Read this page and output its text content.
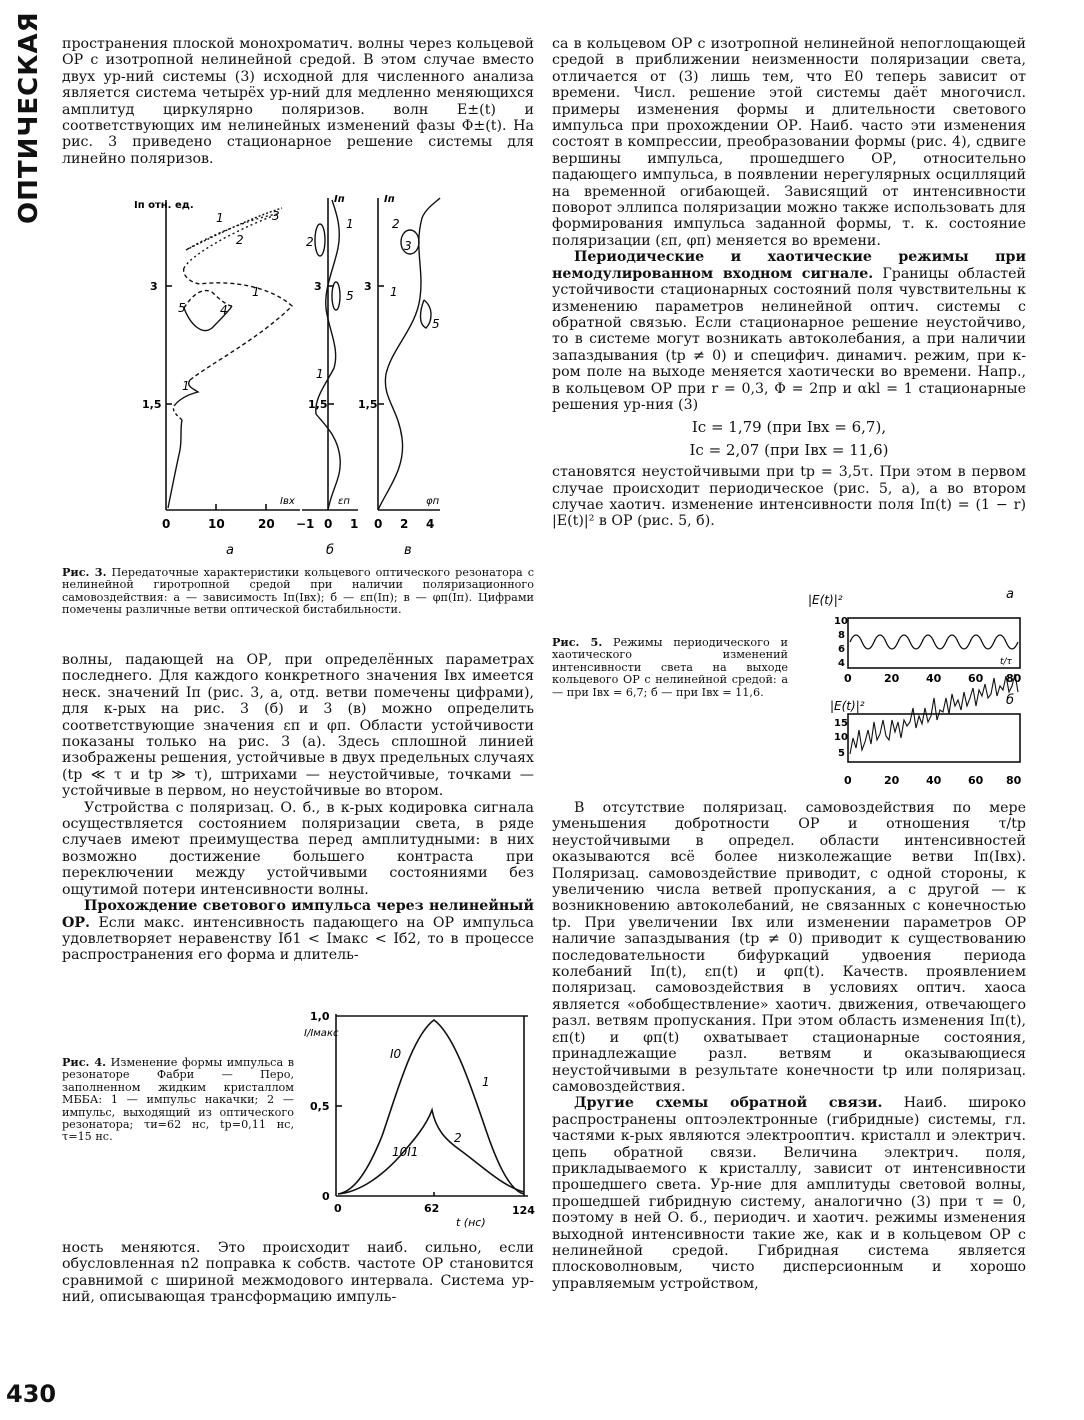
ОПТИЧЕСКАЯ
430

пространения плоской монохроматич. волны через кольцевой ОР с изотропной нелинейной средой. В этом случае вместо двух ур-ний системы (3) исходной для численного анализа является система четырёх ур-ний для медленно меняющихся амплитуд циркулярно поляризов. волн E±(t) и соответствующих им нелинейных изменений фазы Φ±(t). На рис. 3 приведено стационарное решение системы для линейно поляризов.

Iп отн. ед.
Iп	Iп
3
1,5
3
1,5
3
1,5
Iвх	εп	φп
0	10	20 −1 0 1 0 2 4
а	б	в
1
2
3
1
4
5
1
2
1
5
1
2
3
1
5
Рис. 3. Передаточные характеристики кольцевого оптического резонатора с нелинейной гиротропной средой при наличии поляризационного самовоздействия: а — зависимость Iп(Iвх); б — εп(Iп); в — φп(Iп). Цифрами помечены различные ветви оптической бистабильности.

волны, падающей на ОР, при определённых параметрах последнего. Для каждого конкретного значения Iвх имеется неск. значений Iп (рис. 3, а, отд. ветви помечены цифрами), для к-рых на рис. 3 (б) и 3 (в) можно определить соответствующие значения εп и φп. Области устойчивости показаны только на рис. 3 (а). Здесь сплошной линией изображены решения, устойчивые в двух предельных случаях (tр ≪ τ и tр ≫ τ), штрихами — неустойчивые, точками — устойчивые в первом, но неустойчивые во втором.

Устройства с поляризац. О. б., в к-рых кодировка сигнала осуществляется состоянием поляризации света, в ряде случаев имеют преимущества перед амплитудными: в них возможно достижение большего контраста при переключении между устойчивыми состояниями без ощутимой потери интенсивности волны.

Прохождение светового импульса через нелинейный ОР. Если макс. интенсивность падающего на ОР импульса удовлетворяет неравенству Iб1 < Iмакс < Iб2, то в процессе распространения его форма и длитель-

Рис. 4. Изменение формы импульса в резонаторе Фабри — Перо, заполненном жидким кристаллом МББА: 1 — импульс накачки; 2 — импульс, выходящий из оптического резонатора; τи=62 нс, tр=0,11 нс, τ=15 нс.
1,0
I/Iмакс
0,5
0
0	62	124
t (нс)
I0
1
10I1
2

ность меняются. Это происходит наиб. сильно, если обусловленная n2 поправка к собств. частоте ОР становится сравнимой с шириной межмодового интервала. Система ур-ний, описывающая трансформацию импуль-

са в кольцевом ОР с изотропной нелинейной непоглощающей средой в приближении неизменности поляризации света, отличается от (3) лишь тем, что E0 теперь зависит от времени. Числ. решение этой системы даёт многочисл. примеры изменения формы и длительности светового импульса при прохождении ОР. Наиб. часто эти изменения состоят в компрессии, преобразовании формы (рис. 4), сдвиге вершины импульса, прошедшего ОР, относительно падающего импульса, в появлении нерегулярных осцилляций на временной огибающей. Зависящий от интенсивности поворот эллипса поляризации можно также использовать для формирования импульса заданной формы, т. к. состояние поляризации (εп, φп) меняется во времени.

Периодические и хаотические режимы при немодулированном входном сигнале. Границы областей устойчивости стационарных состояний поля чувствительны к изменению параметров нелинейной оптич. системы с обратной связью. Если стационарное решение неустойчиво, то в системе могут возникать автоколебания, а при наличии запаздывания (tр ≠ 0) и специфич. динамич. режим, при к-ром поле на выходе меняется хаотически во времени. Напр., в кольцевом ОР при r = 0,3, Φ = 2πр и αkl = 1 стационарные решения ур-ния (3)

Ic = 1,79 (при Iвх = 6,7),
Ic = 2,07 (при Iвх = 11,6)

становятся неустойчивыми при tр = 3,5τ. При этом в первом случае происходит периодическое (рис. 5, а), а во втором случае хаотич. изменение интенсивности поля Iп(t) = (1 − r) |E(t)|² в ОР (рис. 5, б).

Рис. 5. Режимы периодического и хаотического изменений интенсивности света на выходе кольцевого ОР с нелинейной средой: а — при Iвх = 6,7; б — при Iвх = 11,6.
|E(t)|²	а
10
8
6
4	t/τ
0	20 40 60 80
|E(t)|²	б
15
10
5
0	20 40 60 80

В отсутствие поляризац. самовоздействия по мере уменьшения добротности ОР и отношения τ/tр неустойчивыми в определ. области интенсивностей оказываются всё более низколежащие ветви Iп(Iвх). Поляризац. самовоздействие приводит, с одной стороны, к увеличению числа ветвей пропускания, а с другой — к возникновению автоколебаний, не связанных с конечностью tр. При увеличении Iвх или изменении параметров ОР наличие запаздывания (tр ≠ 0) приводит к существованию последовательности бифуркаций удвоения периода колебаний Iп(t), εп(t) и φп(t). Качеств. проявлением поляризац. самовоздействия в условиях оптич. хаоса является «обобществление» хаотич. движения, отвечающего разл. ветвям пропускания. При этом область изменения Iп(t), εп(t) и φп(t) охватывает стационарные состояния, принадлежащие разл. ветвям и оказывающиеся неустойчивыми в результате конечности tр или поляризац. самовоздействия.

Другие схемы обратной связи. Наиб. широко распространены оптоэлектронные (гибридные) системы, гл. частями к-рых являются электрооптич. кристалл и электрич. цепь обратной связи. Величина электрич. поля, прикладываемого к кристаллу, зависит от интенсивности прошедшего света. Ур-ние для амплитуды световой волны, прошедшей гибридную систему, аналогично (3) при τ = 0, поэтому в ней О. б., периодич. и хаотич. режимы изменения выходной интенсивности такие же, как и в кольцевом ОР с нелинейной средой. Гибридная система является плосковолновым, чисто дисперсионным и хорошо управляемым устройством,
